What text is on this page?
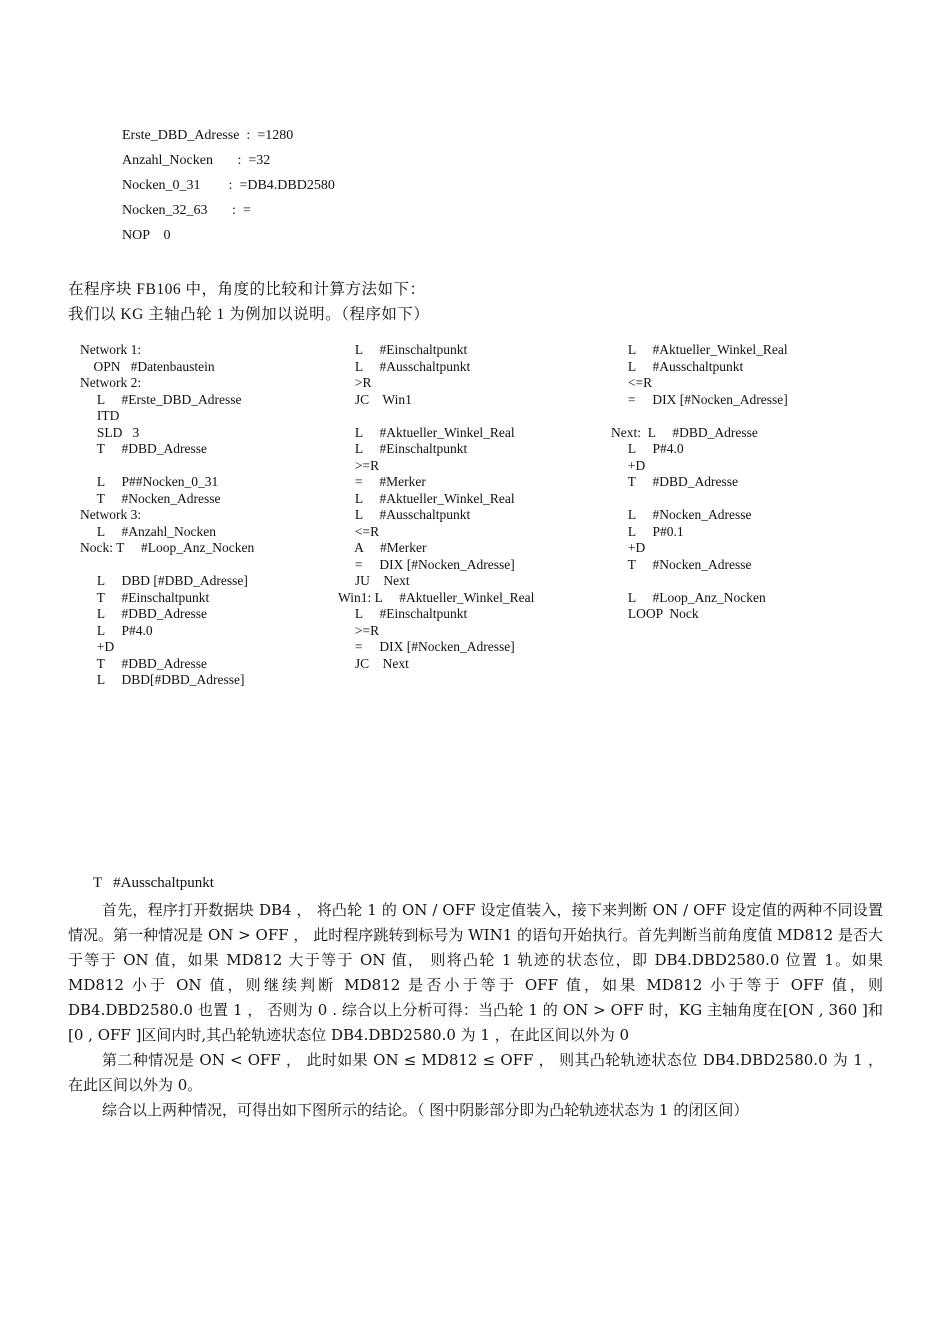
Erste_DBD_Adresse : =1280
Anzahl_Nocken : =32
Nocken_0_31 : =DB4.DBD2580
Nocken_32_63 : =
NOP 0
在程序块 FB106 中，角度的比较和计算方法如下：
我们以 KG 主轴凸轮 1 为例加以说明。（程序如下）
Network 1:
OPN   #Datenbaustein
Network 2:
L     #Erste_DBD_Adresse
ITD
SLD   3
T     #DBD_Adresse
L     P##Nocken_0_31
T     #Nocken_Adresse
Network 3:
L     #Anzahl_Nocken
Nock: T     #Loop_Anz_Nocken
L     DBD [#DBD_Adresse]
T     #Einschaltpunkt
L     #DBD_Adresse
L     P#4.0
+D
T     #DBD_Adresse
L     DBD[#DBD_Adresse]
L     #Einschaltpunkt
L     #Ausschaltpunkt
>R
JC    Win1
L     #Aktueller_Winkel_Real
L     #Einschaltpunkt
>=R
=     #Merker
L     #Aktueller_Winkel_Real
L     #Ausschaltpunkt
<=R
A     #Merker
=     DIX [#Nocken_Adresse]
JU    Next
Win1: L     #Aktueller_Winkel_Real
L     #Einschaltpunkt
>=R
=     DIX [#Nocken_Adresse]
JC    Next
L     #Aktueller_Winkel_Real
L     #Ausschaltpunkt
<=R
=     DIX [#Nocken_Adresse]
Next:  L     #DBD_Adresse
L     P#4.0
+D
T     #DBD_Adresse
L     #Nocken_Adresse
L     P#0.1
+D
T     #Nocken_Adresse
L     #Loop_Anz_Nocken
LOOP  Nock
T   #Ausschaltpunkt

首先，程序打开数据块 DB4 ， 将凸轮 1 的 ON / OFF 设定值装入，接下来判断 ON / OFF 设定值的两种不同设置情况。第一种情况是 ON > OFF ， 此时程序跳转到标号为 WIN1 的语句开始执行。首先判断当前角度值 MD812 是否大于等于 ON 值，如果 MD812 大于等于 ON 值， 则将凸轮 1 轨迹的状态位，即 DB4.DBD2580.0 位置 1。如果 MD812 小于 ON 值，则继续判断 MD812 是否小于等于 OFF 值，如果 MD812 小于等于 OFF 值，则 DB4.DBD2580.0 也置 1 ， 否则为 0 . 综合以上分析可得：当凸轮 1 的 ON > OFF 时，KG 主轴角度在[ON , 360 ]和[0 , OFF ]区间内时,其凸轮轨迹状态位 DB4.DBD2580.0 为 1 ，在此区间以外为 0

第二种情况是 ON < OFF ， 此时如果 ON ≤ MD812 ≤ OFF ， 则其凸轮轨迹状态位 DB4.DBD2580.0 为 1 ，在此区间以外为 0。

综合以上两种情况，可得出如下图所示的结论。（ 图中阴影部分即为凸轮轨迹状态为 1 的闭区间）
